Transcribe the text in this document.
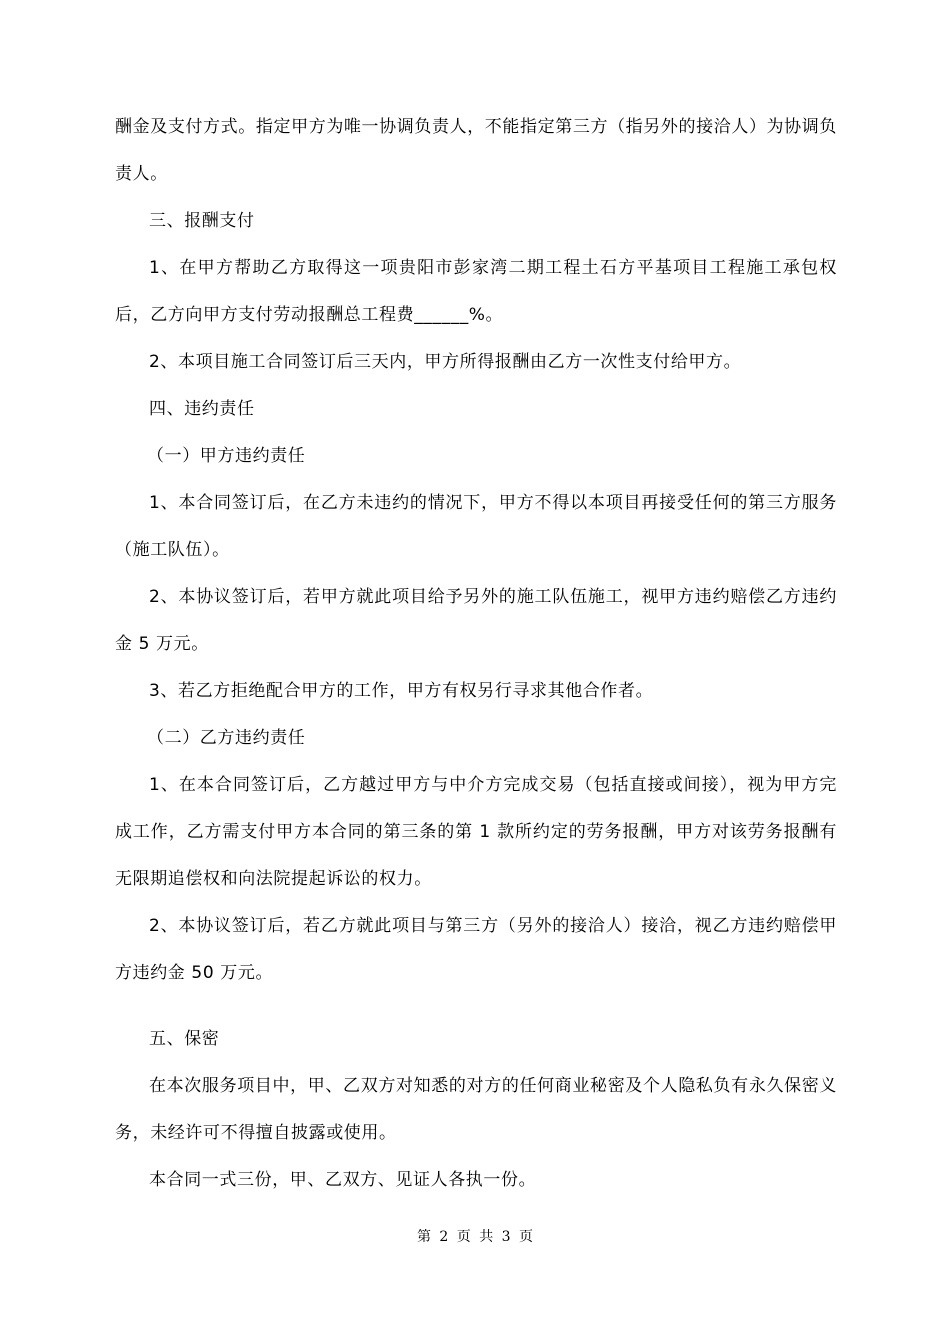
酬金及支付方式。指定甲方为唯一协调负责人，不能指定第三方（指另外的接洽人）为协调负责人。

三、报酬支付

1、在甲方帮助乙方取得这一项贵阳市彭家湾二期工程土石方平基项目工程施工承包权后，乙方向甲方支付劳动报酬总工程费______%。

2、本项目施工合同签订后三天内，甲方所得报酬由乙方一次性支付给甲方。

四、违约责任

（一）甲方违约责任

1、本合同签订后，在乙方未违约的情况下，甲方不得以本项目再接受任何的第三方服务（施工队伍）。

2、本协议签订后，若甲方就此项目给予另外的施工队伍施工，视甲方违约赔偿乙方违约金 5 万元。

3、若乙方拒绝配合甲方的工作，甲方有权另行寻求其他合作者。

（二）乙方违约责任

1、在本合同签订后，乙方越过甲方与中介方完成交易（包括直接或间接），视为甲方完成工作，乙方需支付甲方本合同的第三条的第 1 款所约定的劳务报酬，甲方对该劳务报酬有无限期追偿权和向法院提起诉讼的权力。

2、本协议签订后，若乙方就此项目与第三方（另外的接洽人）接洽，视乙方违约赔偿甲方违约金 50 万元。

五、保密

在本次服务项目中，甲、乙双方对知悉的对方的任何商业秘密及个人隐私负有永久保密义务，未经许可不得擅自披露或使用。

本合同一式三份，甲、乙双方、见证人各执一份。

第 2 页 共 3 页
